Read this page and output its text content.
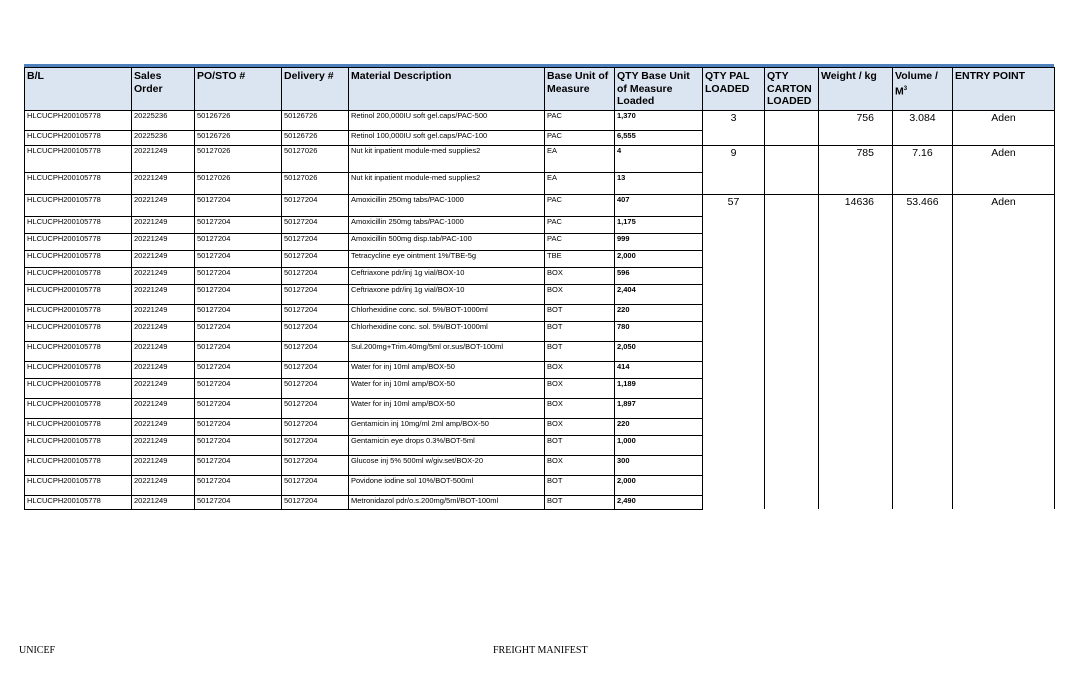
B/L	Sales Order	PO/STO #	Delivery #	Material Description	Base Unit of Measure	QTY Base Unit of Measure Loaded	QTY PAL LOADED	QTY CARTON LOADED	Weight / kg	Volume / $M^3$	ENTRY POINT
HLCUCPH200105778	20225236	50126726	50126726	Retinol 200,000IU soft gel.caps/PAC-500	PAC	1,370	3		756	3.084	Aden
HLCUCPH200105778	20225236	50126726	50126726	Retinol 100,000IU soft gel.caps/PAC-100	PAC	6,555					
HLCUCPH200105778	20221249	50127026	50127026	Nut kit inpatient module-med supplies2	EA	4	9		785	7.16	Aden
HLCUCPH200105778	20221249	50127026	50127026	Nut kit inpatient module-med supplies2	EA	13					
HLCUCPH200105778	20221249	50127204	50127204	Amoxicillin 250mg tabs/PAC-1000	PAC	407	57		14636	53.466	Aden
HLCUCPH200105778	20221249	50127204	50127204	Amoxicillin 250mg tabs/PAC-1000	PAC	1,175					
HLCUCPH200105778	20221249	50127204	50127204	Amoxicillin 500mg disp.tab/PAC-100	PAC	999					
HLCUCPH200105778	20221249	50127204	50127204	Tetracycline eye ointment 1%/TBE-5g	TBE	2,000					
HLCUCPH200105778	20221249	50127204	50127204	Ceftriaxone pdr/inj 1g vial/BOX-10	BOX	596					
HLCUCPH200105778	20221249	50127204	50127204	Ceftriaxone pdr/inj 1g vial/BOX-10	BOX	2,404					
HLCUCPH200105778	20221249	50127204	50127204	Chlorhexidine conc. sol. 5%/BOT-1000ml	BOT	220					
HLCUCPH200105778	20221249	50127204	50127204	Chlorhexidine conc. sol. 5%/BOT-1000ml	BOT	780					
HLCUCPH200105778	20221249	50127204	50127204	Sul.200mg+Trim.40mg/5ml or.sus/BOT-100ml	BOT	2,050					
HLCUCPH200105778	20221249	50127204	50127204	Water for inj 10ml amp/BOX-50	BOX	414					
HLCUCPH200105778	20221249	50127204	50127204	Water for inj 10ml amp/BOX-50	BOX	1,189					
HLCUCPH200105778	20221249	50127204	50127204	Water for inj 10ml amp/BOX-50	BOX	1,897					
HLCUCPH200105778	20221249	50127204	50127204	Gentamicin inj 10mg/ml 2ml amp/BOX-50	BOX	220					
HLCUCPH200105778	20221249	50127204	50127204	Gentamicin eye drops 0.3%/BOT-5ml	BOT	1,000					
HLCUCPH200105778	20221249	50127204	50127204	Glucose inj 5% 500ml w/giv.set/BOX-20	BOX	300					
HLCUCPH200105778	20221249	50127204	50127204	Povidone iodine sol 10%/BOT-500ml	BOT	2,000					
HLCUCPH200105778	20221249	50127204	50127204	Metronidazol pdr/o.s.200mg/5ml/BOT-100ml	BOT	2,490					
UNICEF	FREIGHT MANIFEST
